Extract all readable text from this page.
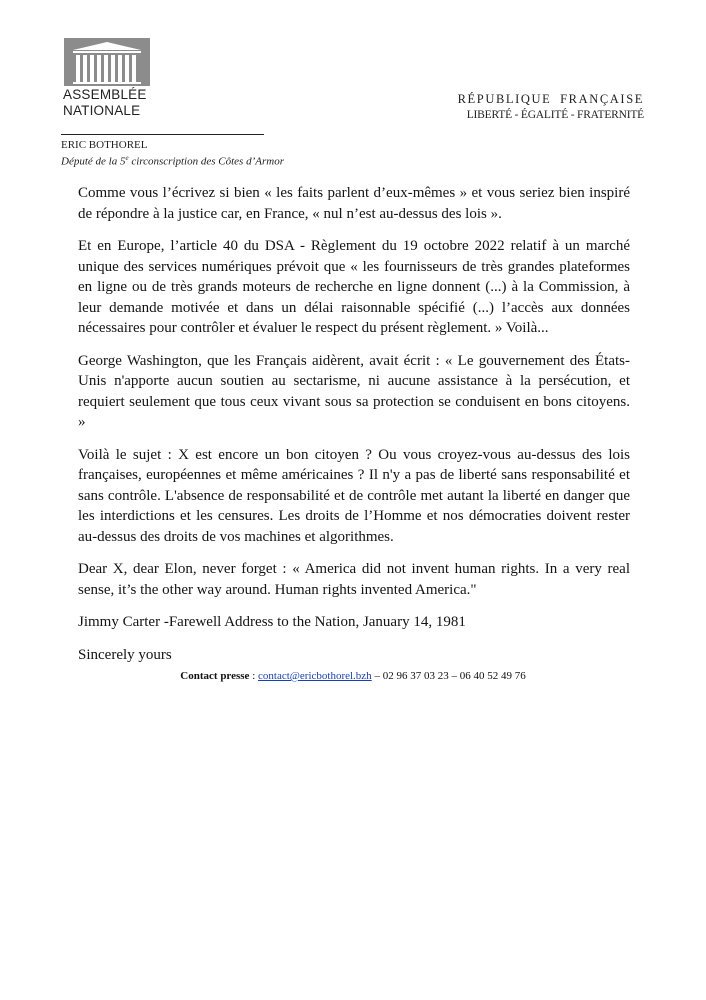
ASSEMBLÉE
NATIONALE
RÉPUBLIQUE FRANÇAISE
LIBERTÉ - ÉGALITÉ - FRATERNITÉ
ERIC BOTHOREL
Député de la 5e circonscription des Côtes d’Armor

Comme vous l’écrivez si bien « les faits parlent d’eux-mêmes » et vous seriez bien inspiré de répondre à la justice car, en France, « nul n’est au-dessus des lois ».

Et en Europe, l’article 40 du DSA - Règlement du 19 octobre 2022 relatif à un marché unique des services numériques prévoit que « les fournisseurs de très grandes plateformes en ligne ou de très grands moteurs de recherche en ligne donnent (...) à la Commission, à leur demande motivée et dans un délai raisonnable spécifié (...) l’accès aux données nécessaires pour contrôler et évaluer le respect du présent règlement. » Voilà...

George Washington, que les Français aidèrent, avait écrit : « Le gouvernement des États-Unis n'apporte aucun soutien au sectarisme, ni aucune assistance à la persécution, et requiert seulement que tous ceux vivant sous sa protection se conduisent en bons citoyens. »

Voilà le sujet : X est encore un bon citoyen ? Ou vous croyez-vous au-dessus des lois françaises, européennes et même américaines ? Il n'y a pas de liberté sans responsabilité et sans contrôle. L'absence de responsabilité et de contrôle met autant la liberté en danger que les interdictions et les censures. Les droits de l’Homme et nos démocraties doivent rester au-dessus des droits de vos machines et algorithmes.

Dear X, dear Elon, never forget : « America did not invent human rights. In a very real sense, it’s the other way around. Human rights invented America."

Jimmy Carter -Farewell Address to the Nation, January 14, 1981

Sincerely yours

Contact presse : contact@ericbothorel.bzh – 02 96 37 03 23 – 06 40 52 49 76
